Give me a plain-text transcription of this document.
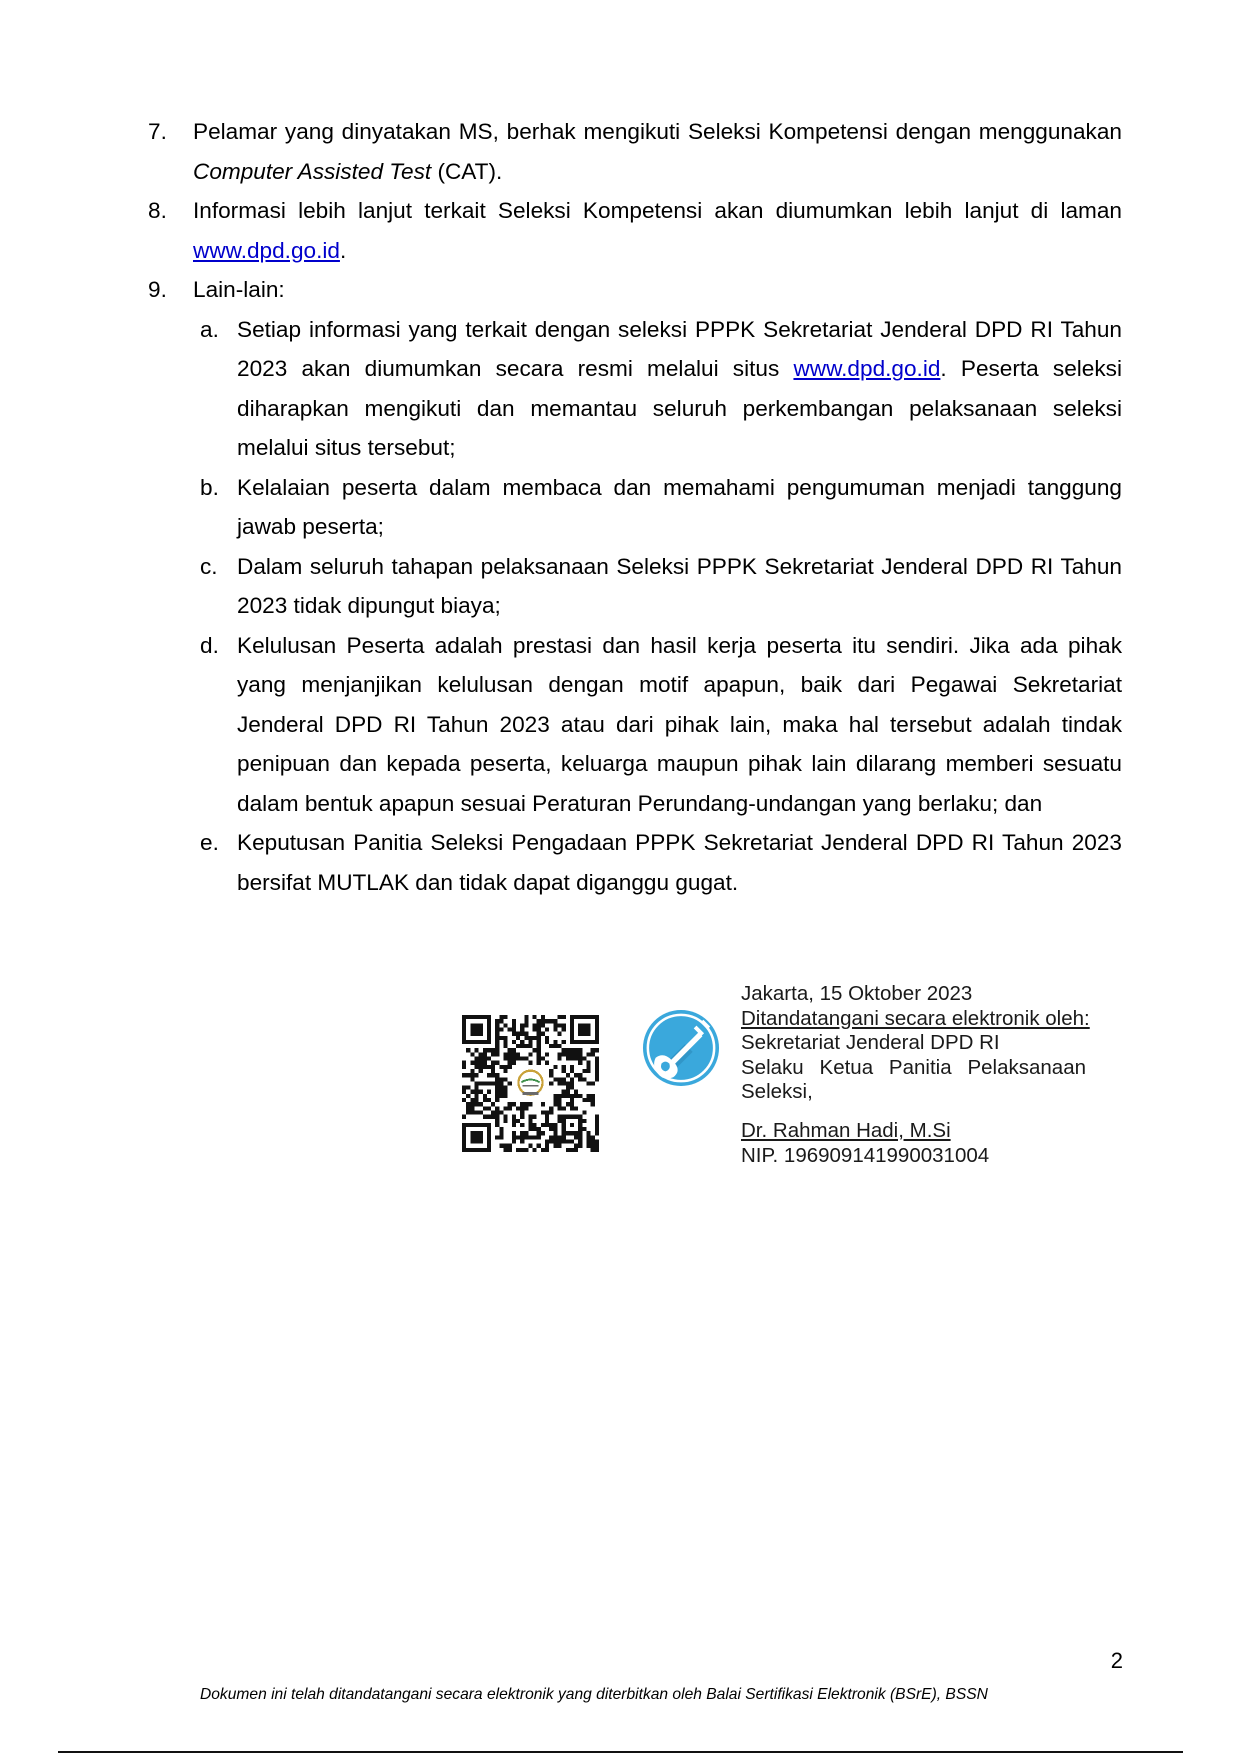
7. Pelamar yang dinyatakan MS, berhak mengikuti Seleksi Kompetensi dengan menggunakan Computer Assisted Test (CAT).
8. Informasi lebih lanjut terkait Seleksi Kompetensi akan diumumkan lebih lanjut di laman www.dpd.go.id.
9. Lain-lain:
a. Setiap informasi yang terkait dengan seleksi PPPK Sekretariat Jenderal DPD RI Tahun 2023 akan diumumkan secara resmi melalui situs www.dpd.go.id. Peserta seleksi diharapkan mengikuti dan memantau seluruh perkembangan pelaksanaan seleksi melalui situs tersebut;
b. Kelalaian peserta dalam membaca dan memahami pengumuman menjadi tanggung jawab peserta;
c. Dalam seluruh tahapan pelaksanaan Seleksi PPPK Sekretariat Jenderal DPD RI Tahun 2023 tidak dipungut biaya;
d. Kelulusan Peserta adalah prestasi dan hasil kerja peserta itu sendiri. Jika ada pihak yang menjanjikan kelulusan dengan motif apapun, baik dari Pegawai Sekretariat Jenderal DPD RI Tahun 2023 atau dari pihak lain, maka hal tersebut adalah tindak penipuan dan kepada peserta, keluarga maupun pihak lain dilarang memberi sesuatu dalam bentuk apapun sesuai Peraturan Perundang-undangan yang berlaku; dan
e. Keputusan Panitia Seleksi Pengadaan PPPK Sekretariat Jenderal DPD RI Tahun 2023 bersifat MUTLAK dan tidak dapat diganggu gugat.
Jakarta, 15 Oktober 2023
Ditandatangani secara elektronik oleh:
Sekretariat Jenderal DPD RI
Selaku Ketua Panitia Pelaksanaan
Seleksi,
Dr. Rahman Hadi, M.Si
NIP. 196909141990031004
2
Dokumen ini telah ditandatangani secara elektronik yang diterbitkan oleh Balai Sertifikasi Elektronik (BSrE), BSSN
